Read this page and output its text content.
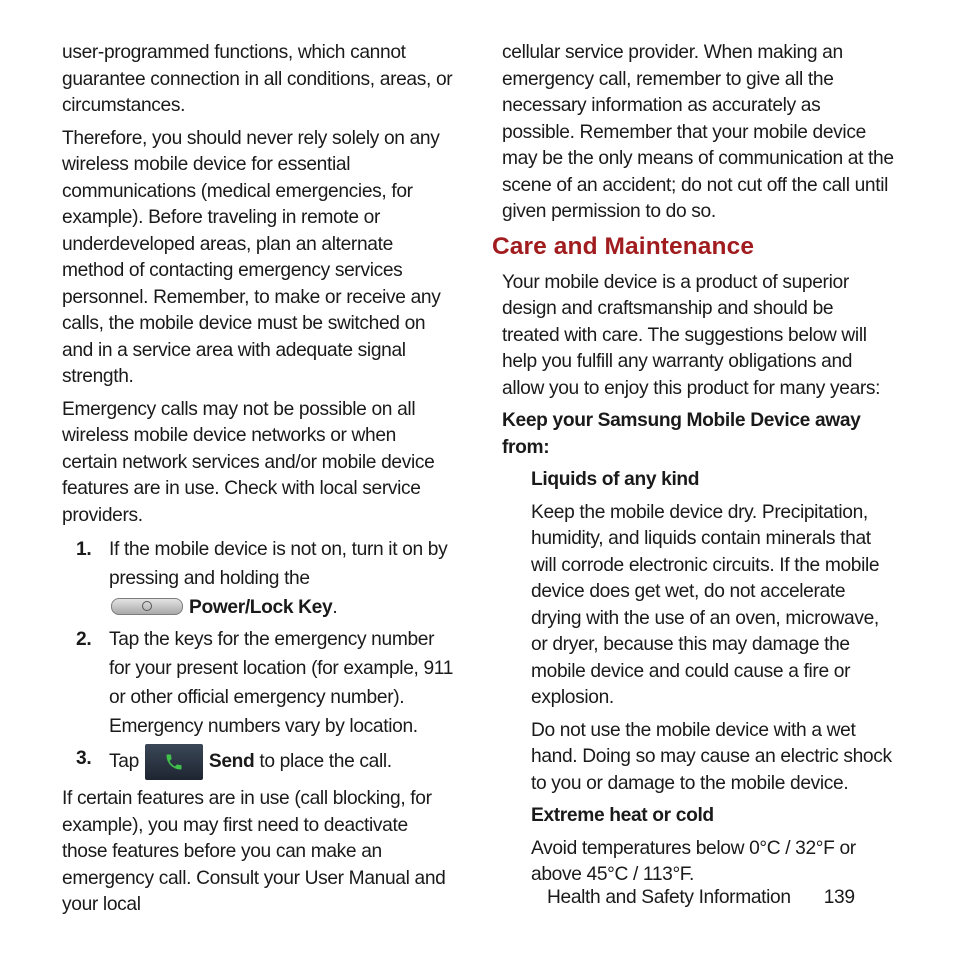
user-programmed functions, which cannot guarantee connection in all conditions, areas, or circumstances.

Therefore, you should never rely solely on any wireless mobile device for essential communications (medical emergencies, for example). Before traveling in remote or underdeveloped areas, plan an alternate method of contacting emergency services personnel. Remember, to make or receive any calls, the mobile device must be switched on and in a service area with adequate signal strength.

Emergency calls may not be possible on all wireless mobile device networks or when certain network services and/or mobile device features are in use. Check with local service providers.

1. If the mobile device is not on, turn it on by pressing and holding the
Power/Lock Key.
2. Tap the keys for the emergency number for your present location (for example, 911 or other official emergency number). Emergency numbers vary by location.
3. Tap	Send to place the call.

If certain features are in use (call blocking, for example), you may first need to deactivate those features before you can make an emergency call. Consult your User Manual and your local

cellular service provider. When making an emergency call, remember to give all the necessary information as accurately as possible. Remember that your mobile device may be the only means of communication at the scene of an accident; do not cut off the call until given permission to do so.

Care and Maintenance

Your mobile device is a product of superior design and craftsmanship and should be treated with care. The suggestions below will help you fulfill any warranty obligations and allow you to enjoy this product for many years:

Keep your Samsung Mobile Device away from:

Liquids of any kind

Keep the mobile device dry. Precipitation, humidity, and liquids contain minerals that will corrode electronic circuits. If the mobile device does get wet, do not accelerate drying with the use of an oven, microwave, or dryer, because this may damage the mobile device and could cause a fire or explosion.

Do not use the mobile device with a wet hand. Doing so may cause an electric shock to you or damage to the mobile device.

Extreme heat or cold

Avoid temperatures below 0°C / 32°F or above 45°C / 113°F.

Health and Safety Information 139
